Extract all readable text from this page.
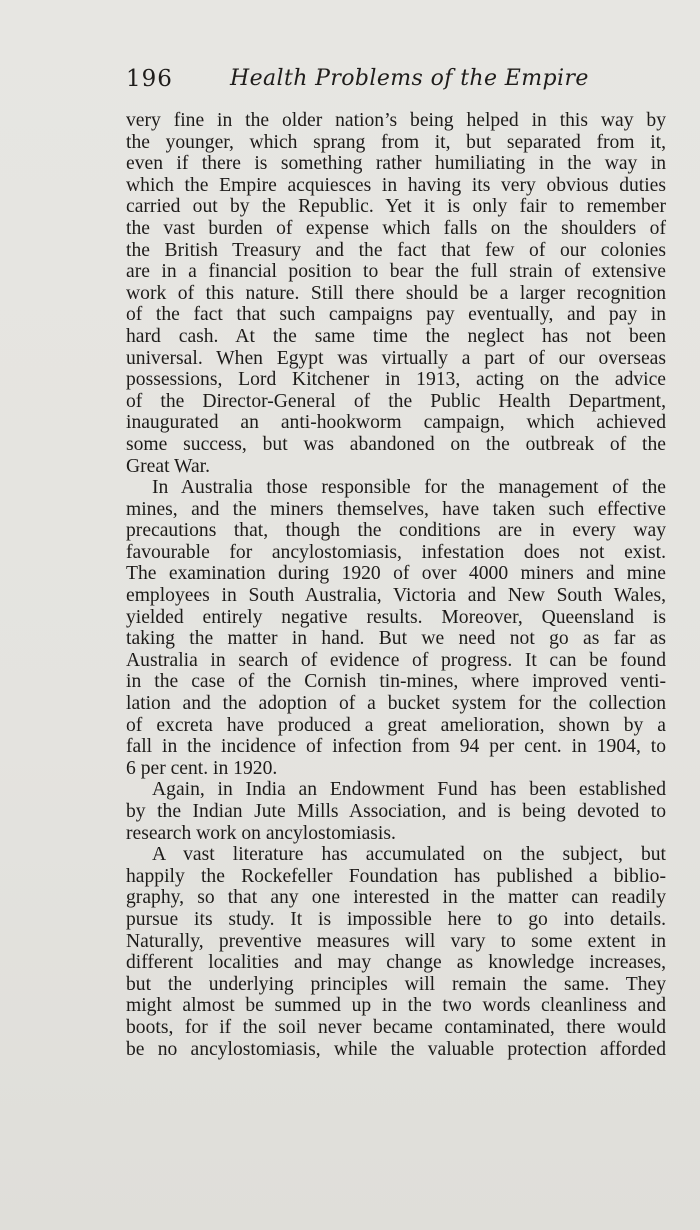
196	Health Problems of the Empire
very fine in the older nation’s being helped in this way by
the younger, which sprang from it, but separated from it,
even if there is something rather humiliating in the way in
which the Empire acquiesces in having its very obvious duties
carried out by the Republic. Yet it is only fair to remember
the vast burden of expense which falls on the shoulders of
the British Treasury and the fact that few of our colonies
are in a financial position to bear the full strain of extensive
work of this nature. Still there should be a larger recognition
of the fact that such campaigns pay eventually, and pay in
hard cash. At the same time the neglect has not been
universal. When Egypt was virtually a part of our overseas
possessions, Lord Kitchener in 1913, acting on the advice
of the Director-General of the Public Health Department,
inaugurated an anti-hookworm campaign, which achieved
some success, but was abandoned on the outbreak of the
Great War.
In Australia those responsible for the management of the
mines, and the miners themselves, have taken such effective
precautions that, though the conditions are in every way
favourable for ancylostomiasis, infestation does not exist.
The examination during 1920 of over 4000 miners and mine
employees in South Australia, Victoria and New South Wales,
yielded entirely negative results. Moreover, Queensland is
taking the matter in hand. But we need not go as far as
Australia in search of evidence of progress. It can be found
in the case of the Cornish tin-mines, where improved venti-
lation and the adoption of a bucket system for the collection
of excreta have produced a great amelioration, shown by a
fall in the incidence of infection from 94 per cent. in 1904, to
6 per cent. in 1920.
Again, in India an Endowment Fund has been established
by the Indian Jute Mills Association, and is being devoted to
research work on ancylostomiasis.
A vast literature has accumulated on the subject, but
happily the Rockefeller Foundation has published a biblio-
graphy, so that any one interested in the matter can readily
pursue its study. It is impossible here to go into details.
Naturally, preventive measures will vary to some extent in
different localities and may change as knowledge increases,
but the underlying principles will remain the same. They
might almost be summed up in the two words cleanliness and
boots, for if the soil never became contaminated, there would
be no ancylostomiasis, while the valuable protection afforded
